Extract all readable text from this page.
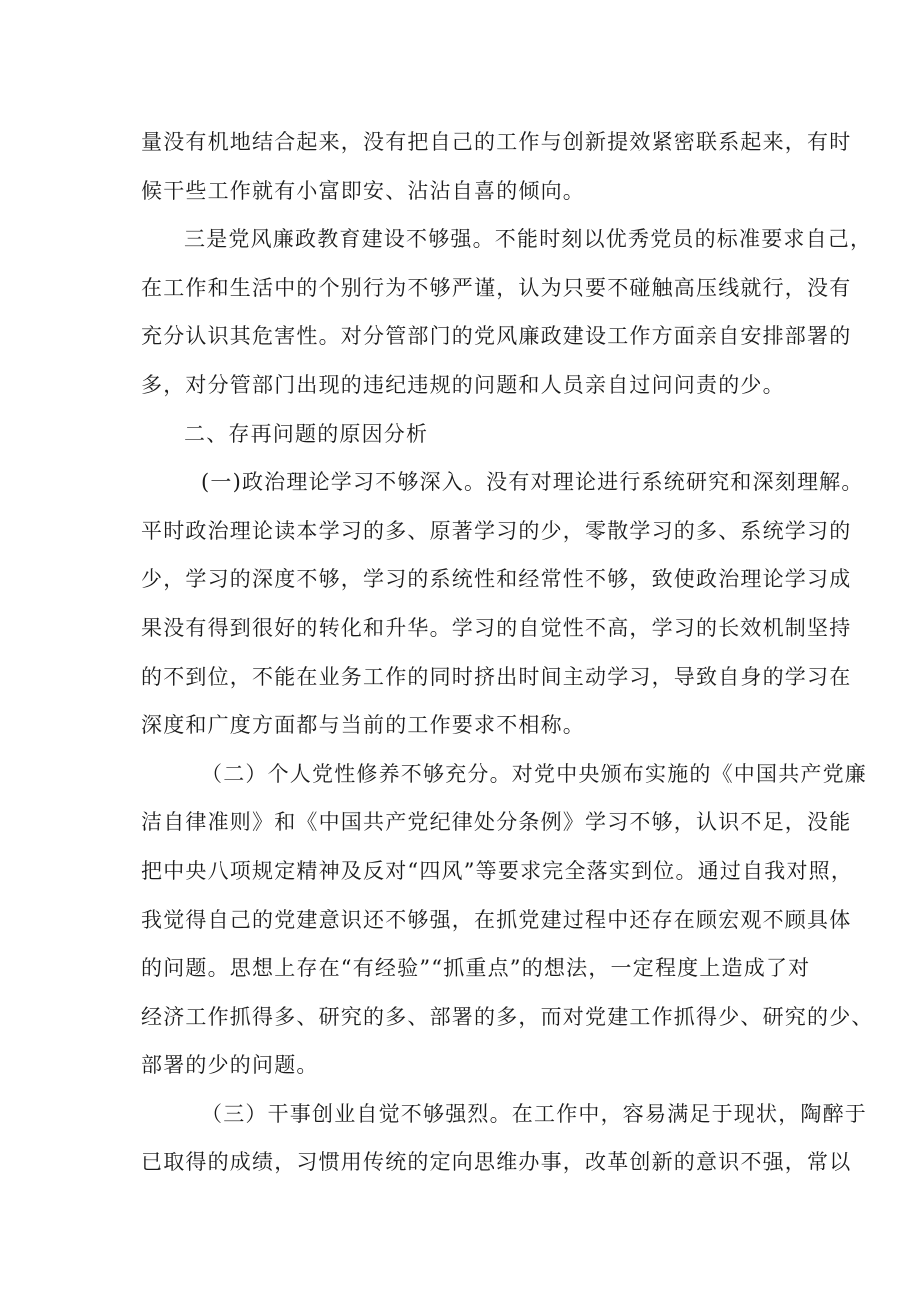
量没有机地结合起来，没有把自己的工作与创新提效紧密联系起来，有时
候干些工作就有小富即安、沾沾自喜的倾向。
三是党风廉政教育建设不够强。不能时刻以优秀党员的标准要求自己，
在工作和生活中的个别行为不够严谨，认为只要不碰触高压线就行，没有
充分认识其危害性。对分管部门的党风廉政建设工作方面亲自安排部署的
多，对分管部门出现的违纪违规的问题和人员亲自过问问责的少。
二、存再问题的原因分析
(一)政治理论学习不够深入。没有对理论进行系统研究和深刻理解。
平时政治理论读本学习的多、原著学习的少，零散学习的多、系统学习的
少，学习的深度不够，学习的系统性和经常性不够，致使政治理论学习成
果没有得到很好的转化和升华。学习的自觉性不高，学习的长效机制坚持
的不到位，不能在业务工作的同时挤出时间主动学习，导致自身的学习在
深度和广度方面都与当前的工作要求不相称。
（二）个人党性修养不够充分。对党中央颁布实施的《中国共产党廉
洁自律准则》和《中国共产党纪律处分条例》学习不够，认识不足，没能
把中央八项规定精神及反对“四风”等要求完全落实到位。通过自我对照，
我觉得自己的党建意识还不够强，在抓党建过程中还存在顾宏观不顾具体
的问题。思想上存在“有经验”“抓重点”的想法，一定程度上造成了对
经济工作抓得多、研究的多、部署的多，而对党建工作抓得少、研究的少、
部署的少的问题。
（三）干事创业自觉不够强烈。在工作中，容易满足于现状，陶醉于
已取得的成绩，习惯用传统的定向思维办事，改革创新的意识不强，常以
